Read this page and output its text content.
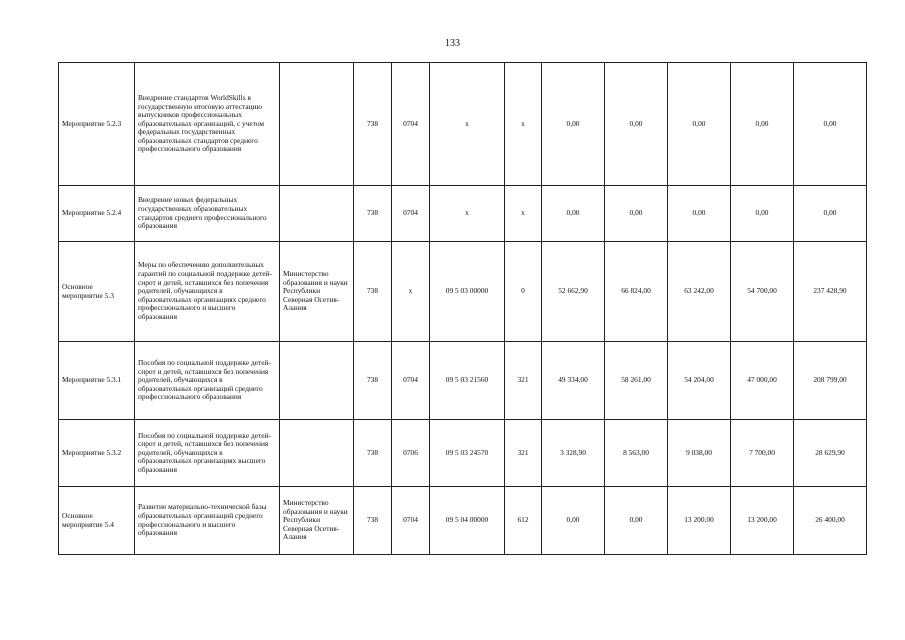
133
Мероприятие 5.2.3	Внедрение стандартов WorldSkills в государственную итоговую аттестацию выпускников профессиональных образовательных организаций, с учетом федеральных государственных образовательных стандартов среднего профессионального образования		738	0704	x	x	0,00	0,00	0,00	0,00	0,00
Мероприятие 5.2.4	Внедрение новых федеральных государственных образовательных стандартов среднего профессионального образования		738	0704	x	x	0,00	0,00	0,00	0,00	0,00
Основное мероприятие 5.3	Меры по обеспечению дополнительных гарантий по социальной поддержке детей-сирот и детей, оставшихся без попечения родителей, обучающихся в образовательных организациях среднего профессионального и высшего образования	Министерство образования и науки Республики Северная Осетия-Алания	738	x	09 5 03 00000	0	52 662,90	66 824,00	63 242,00	54 700,00	237 428,90
Мероприятие 5.3.1	Пособия по социальной поддержке детей-сирот и детей, оставшихся без попечения родителей, обучающихся в образовательных организаций среднего профессионального образования		738	0704	09 5 03 21560	321	49 334,00	58 261,00	54 204,00	47 000,00	208 799,00
Мероприятие 5.3.2	Пособия по социальной поддержке детей-сирот и детей, оставшихся без попечения родителей, обучающихся в образовательных организациях высшего образования		738	0706	09 5 03 24570	321	3 328,90	8 563,00	9 038,00	7 700,00	28 629,90
Основное мероприятие 5.4	Развитие материально-технической базы образовательных организаций среднего профессионального и высшего образования	Министерство образования и науки Республики Северная Осетия-Алания	738	0704	09 5 04 00000	612	0,00	0,00	13 200,00	13 200,00	26 400,00
